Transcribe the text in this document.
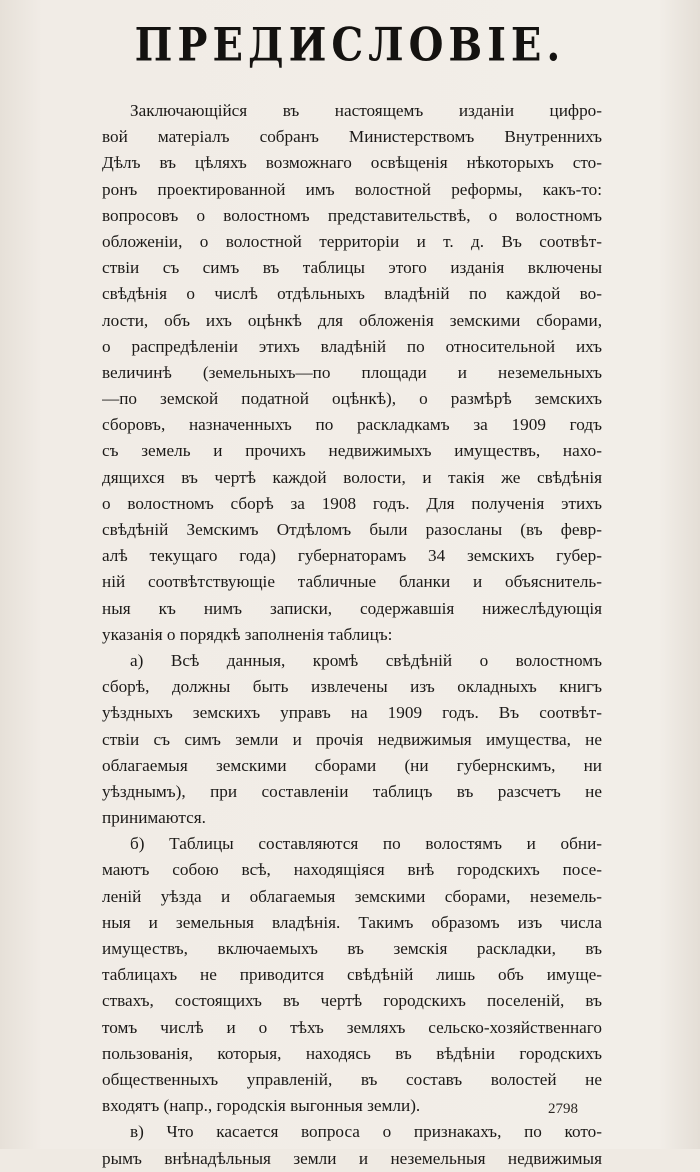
ПРЕДИСЛОВIЕ.
Заключающiйся въ настоящемъ изданiи цифро-
вой матерiалъ собранъ Министерствомъ Внутреннихъ
Дѣлъ въ цѣляхъ возможнаго освѣщенiя нѣкоторыхъ сто-
ронъ проектированной имъ волостной реформы, какъ-то:
вопросовъ о волостномъ представительствѣ, о волостномъ
обложенiи, о волостной территорiи и т. д. Въ соотвѣт-
ствiи съ симъ въ таблицы этого изданiя включены
свѣдѣнiя о числѣ отдѣльныхъ владѣнiй по каждой во-
лости, объ ихъ оцѣнкѣ для обложенiя земскими сборами,
о распредѣленiи этихъ владѣнiй по относительной ихъ
величинѣ (земельныхъ—по площади и неземельныхъ
—по земской податной оцѣнкѣ), о размѣрѣ земскихъ
сборовъ, назначенныхъ по раскладкамъ за 1909 годъ
съ земель и прочихъ недвижимыхъ имуществъ, нахо-
дящихся въ чертѣ каждой волости, и такiя же свѣдѣнiя
о волостномъ сборѣ за 1908 годъ. Для полученiя этихъ
свѣдѣнiй Земскимъ Отдѣломъ были разосланы (въ февр-
алѣ текущаго года) губернаторамъ 34 земскихъ губер-
нiй соотвѣтствующiе табличные бланки и объяснитель-
ныя къ нимъ записки, содержавшiя нижеслѣдующiя
указанiя о порядкѣ заполненiя таблицъ:
а) Всѣ данныя, кромѣ свѣдѣнiй о волостномъ
сборѣ, должны быть извлечены изъ окладныхъ книгъ
уѣздныхъ земскихъ управъ на 1909 годъ. Въ соотвѣт-
ствiи съ симъ земли и прочiя недвижимыя имущества, не
облагаемыя земскими сборами (ни губернскимъ, ни
уѣзднымъ), при составленiи таблицъ въ разсчетъ не
принимаются.
б) Таблицы составляются по волостямъ и обни-
маютъ собою всѣ, находящiяся внѣ городскихъ посе-
ленiй уѣзда и облагаемыя земскими сборами, неземель-
ныя и земельныя владѣнiя. Такимъ образомъ изъ числа
имуществъ, включаемыхъ въ земскiя раскладки, въ
таблицахъ не приводится свѣдѣнiй лишь объ имуще-
ствахъ, состоящихъ въ чертѣ городскихъ поселенiй, въ
томъ числѣ и о тѣхъ земляхъ сельско-хозяйственнаго
пользованiя, которыя, находясь въ вѣдѣнiи городскихъ
общественныхъ управленiй, въ составъ волостей не
входятъ (напр., городскiя выгонныя земли).
в) Что касается вопроса о признакахъ, по кото-
рымъ внѣнадѣльныя земли и неземельныя недвижимыя
2798
